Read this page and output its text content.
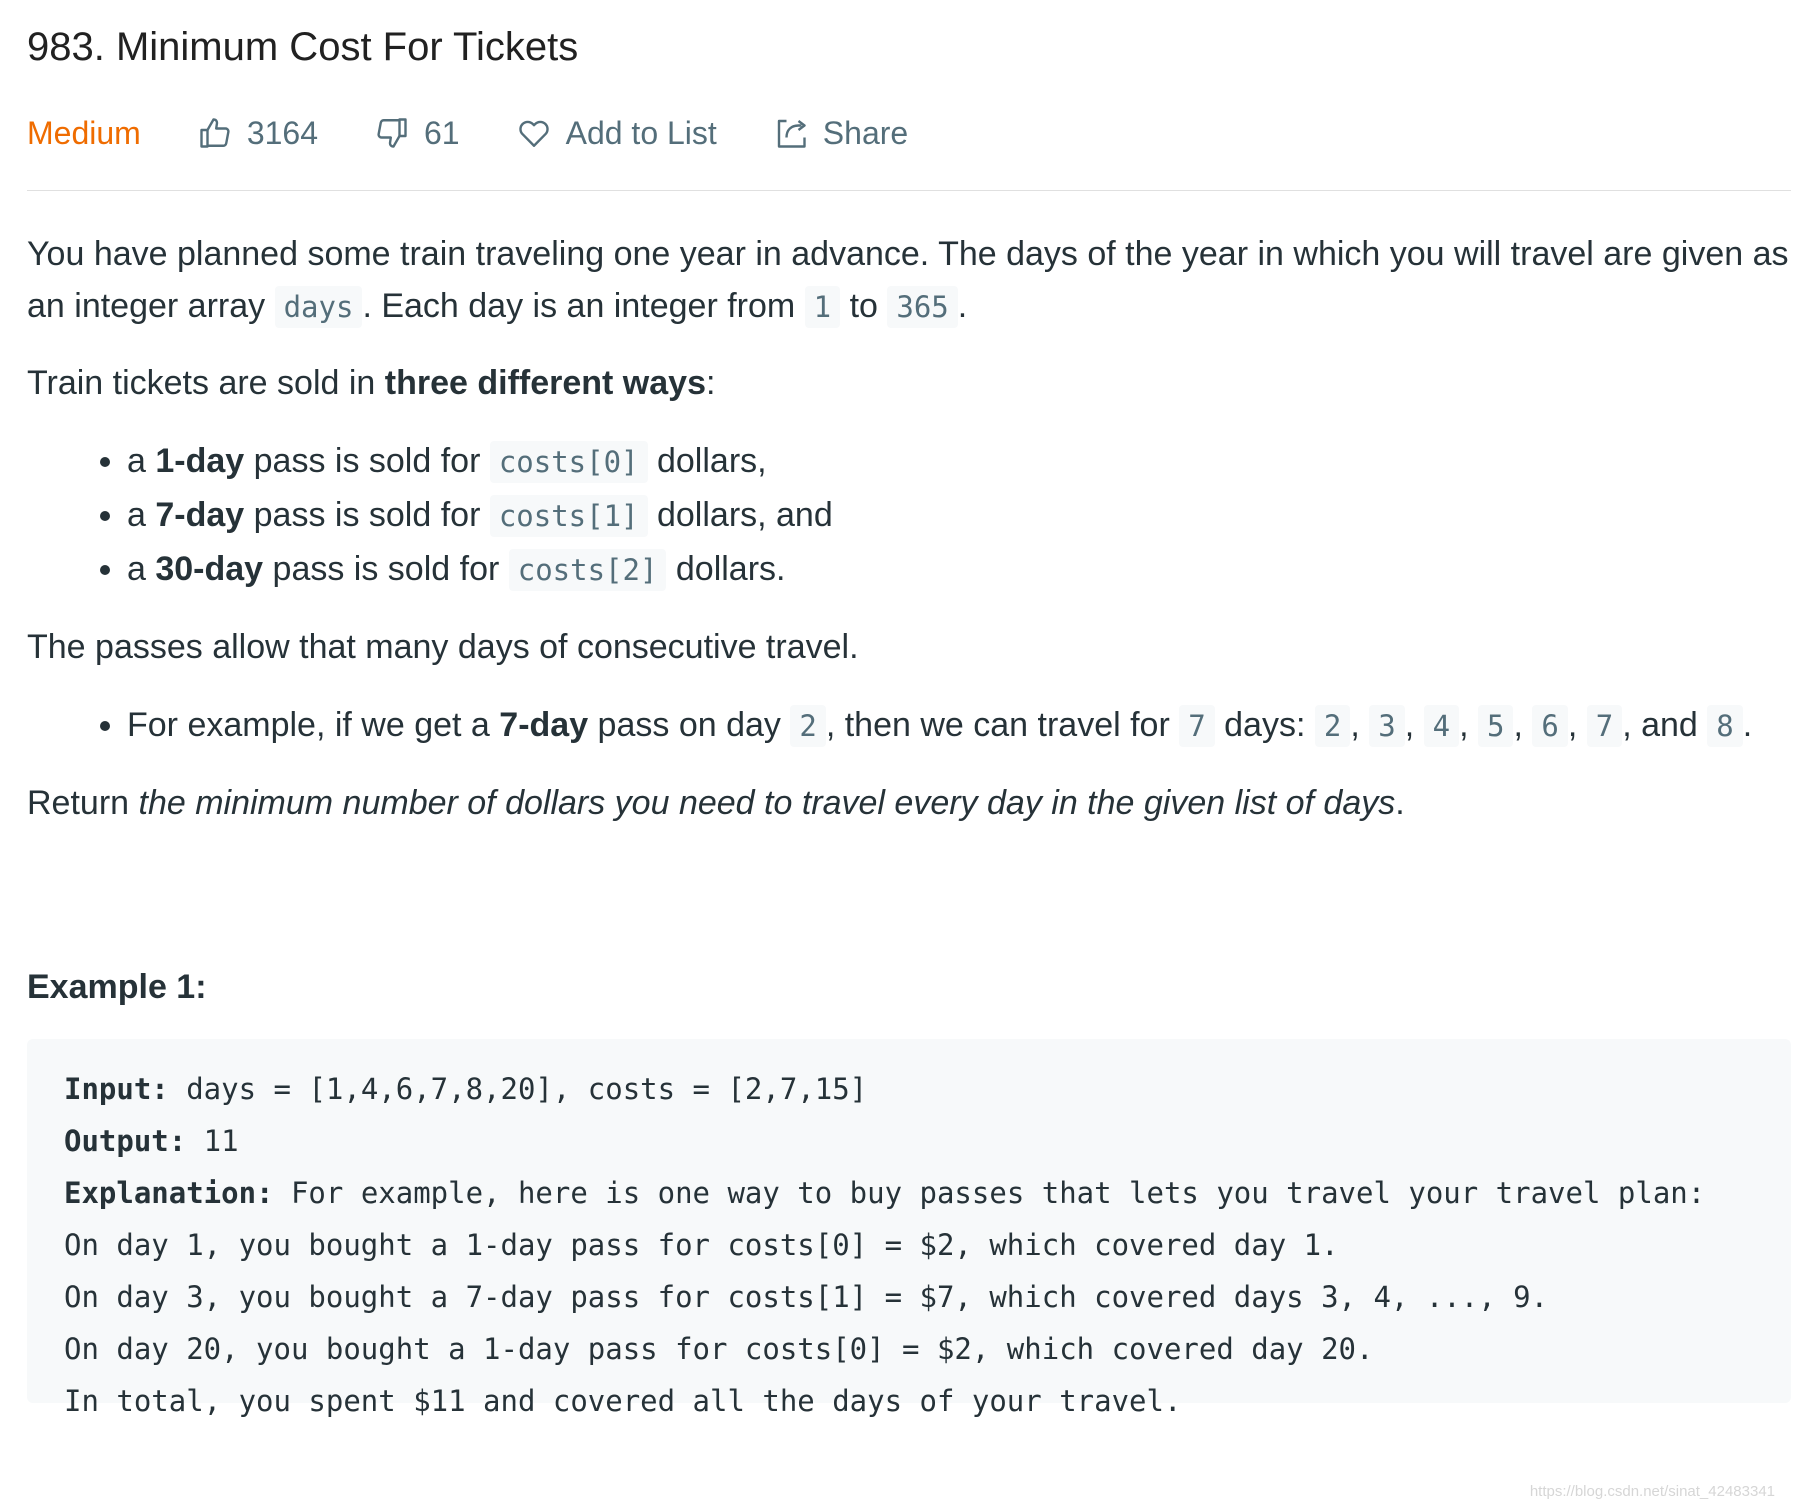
983. Minimum Cost For Tickets
Medium	3164	61	Add to List	Share

You have planned some train traveling one year in advance. The days of the year in which you will travel are given as an integer array days . Each day is an integer from 1 to 365 .

Train tickets are sold in three different ways:

• a 1-day pass is sold for costs[0] dollars,
• a 7-day pass is sold for costs[1] dollars, and
• a 30-day pass is sold for costs[2] dollars.

The passes allow that many days of consecutive travel.

• For example, if we get a 7-day pass on day 2 , then we can travel for 7 days: 2 , 3 , 4 , 5 , 6 , 7 , and 8 .

Return the minimum number of dollars you need to travel every day in the given list of days.

Example 1:
Input: days = [1,4,6,7,8,20], costs = [2,7,15]
Output: 11
Explanation: For example, here is one way to buy passes that lets you travel your travel plan:
On day 1, you bought a 1-day pass for costs[0] = $2, which covered day 1.
On day 3, you bought a 7-day pass for costs[1] = $7, which covered days 3, 4, ..., 9.
On day 20, you bought a 1-day pass for costs[0] = $2, which covered day 20.
In total, you spent $11 and covered all the days of your travel.
https://blog.csdn.net/sinat_42483341
